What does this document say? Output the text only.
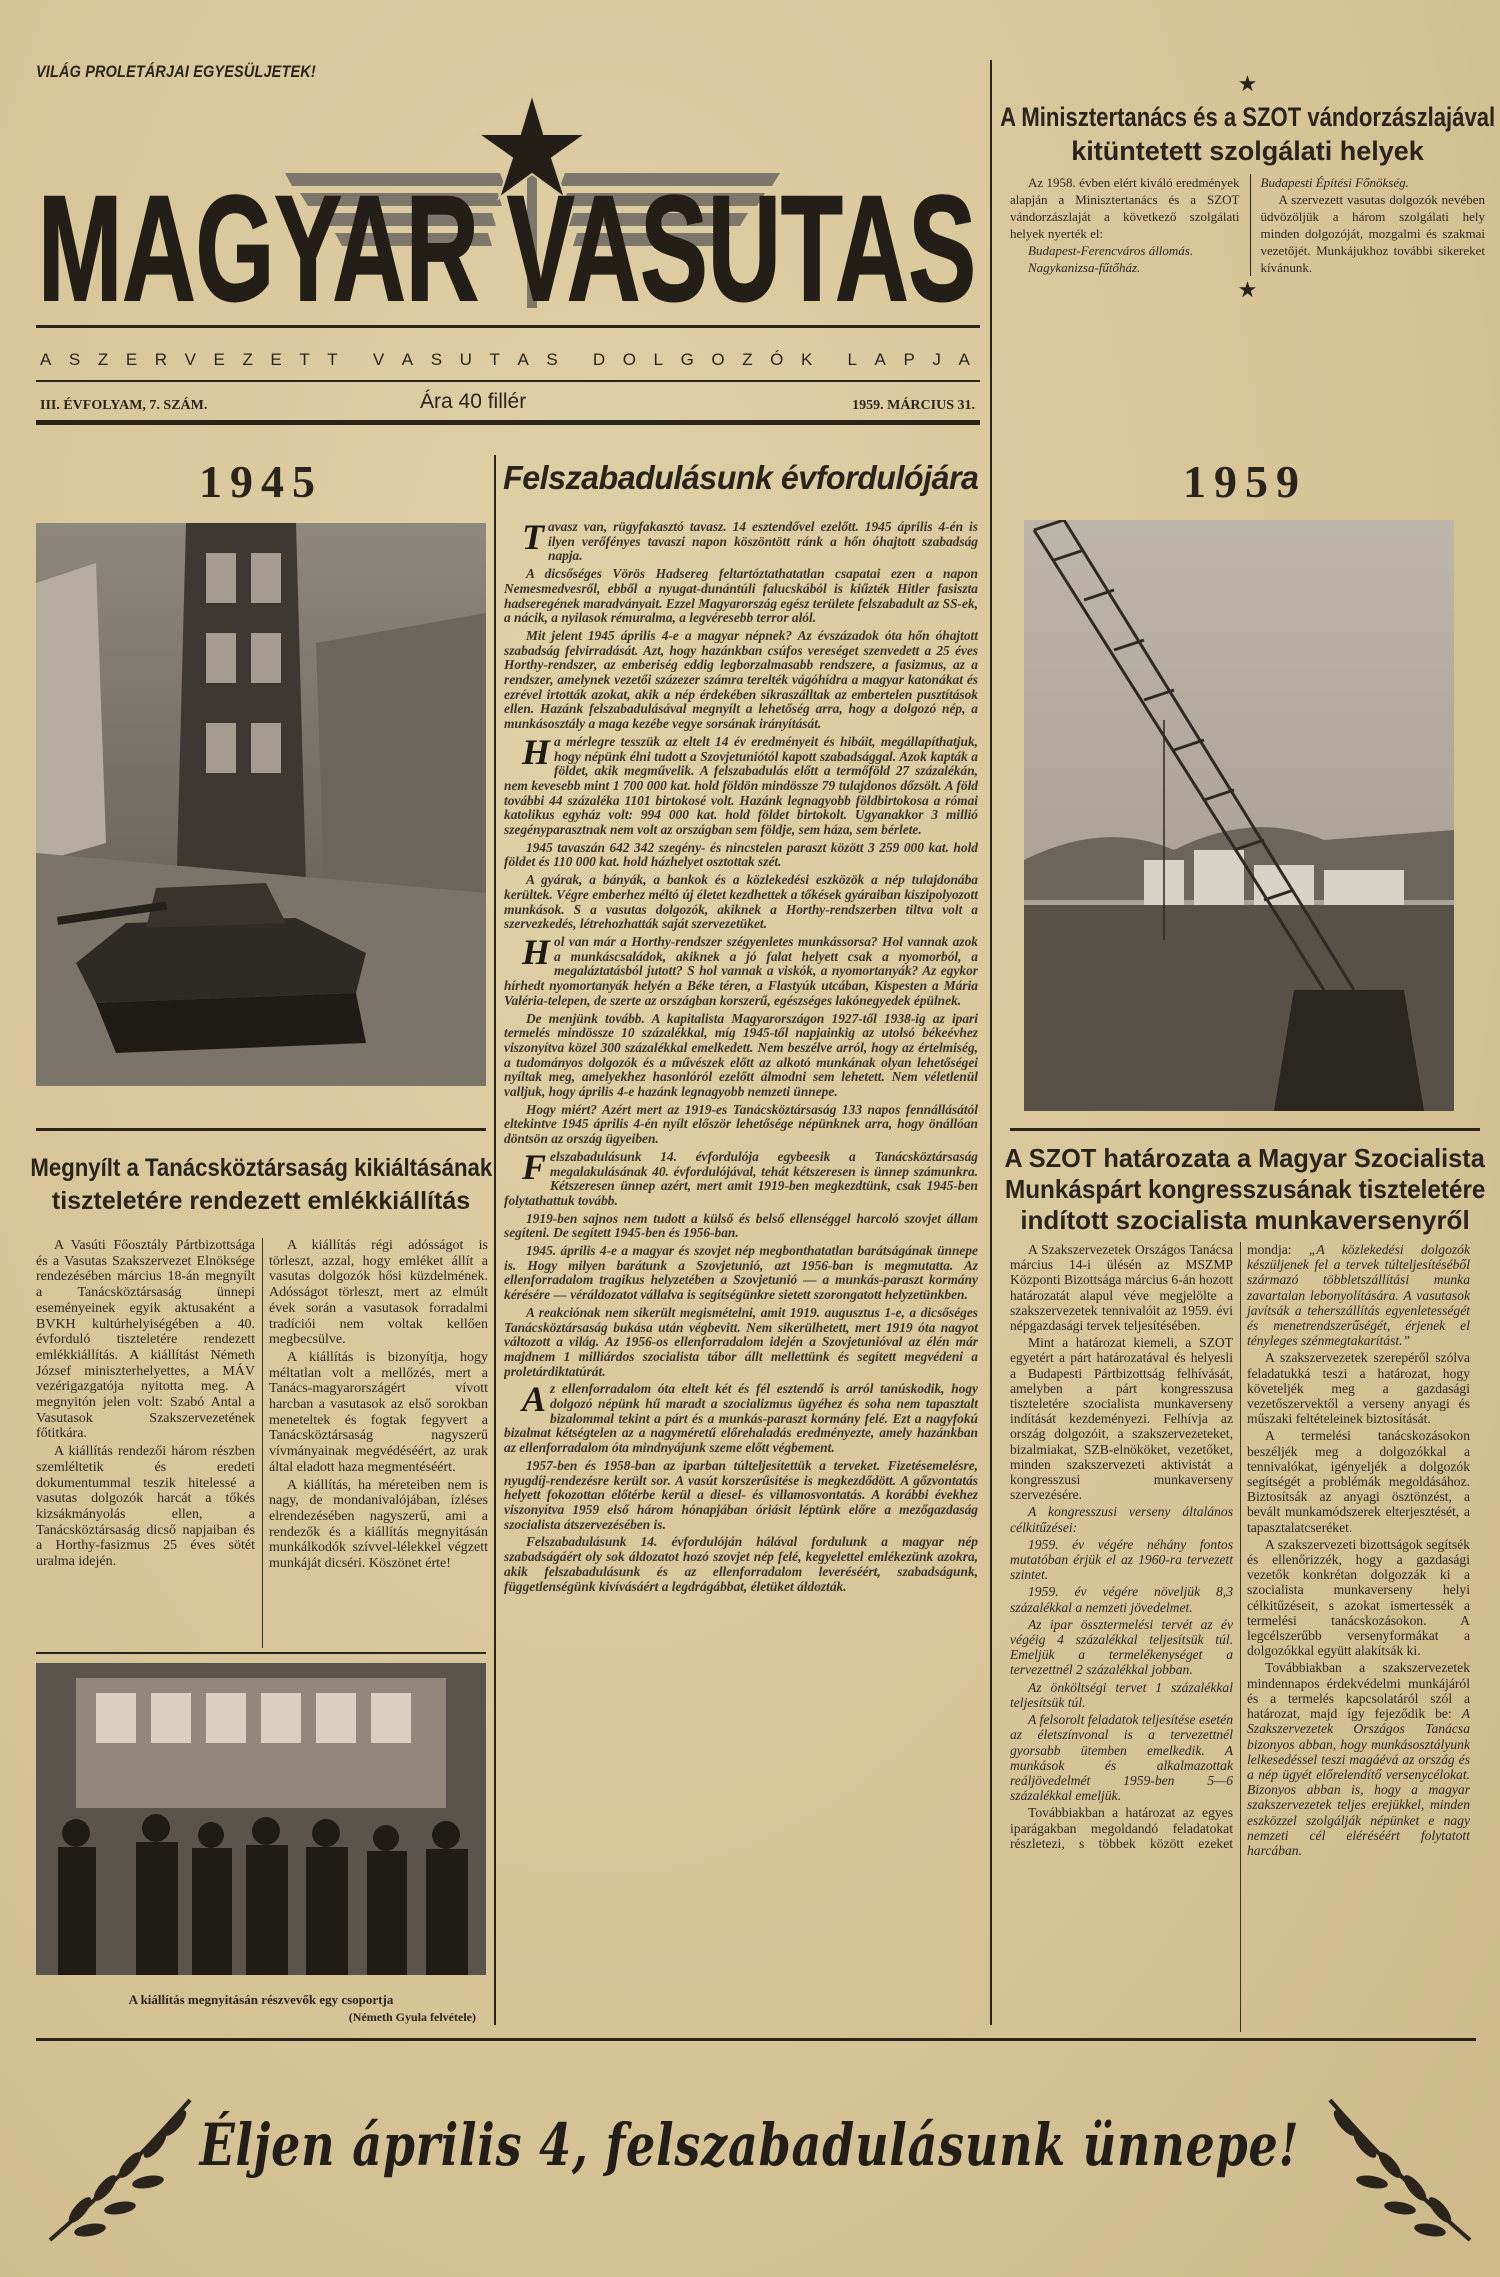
VILÁG PROLETÁRJAI EGYESÜLJETEK!
MAGYAR VASUTAS
A S Z E R V E Z E T T V A S U T A S D O L G O Z Ó K L A P J A
III. ÉVFOLYAM, 7. SZÁM.	Ára 40 fillér	1959. MÁRCIUS 31.
★
A Minisztertanács és a SZOT vándorzászlajával
kitüntetett szolgálati helyek

Az 1958. évben elért kiváló eredmények alapján a Minisztertanács és a SZOT vándorzászlaját a következő szolgálati helyek nyerték el:

Budapest-Ferencváros állomás.

Nagykanizsa-fűtőház.

Budapesti Építési Főnökség.

A szervezett vasutas dolgozók nevében üdvözöljük a három szolgálati hely minden dolgozóját, mozgalmi és szakmai vezetőjét. Munkájukhoz további sikereket kívánunk.

★
1945
Megnyílt a Tanácsköztársaság kikiáltásának
tiszteletére rendezett emlékkiállítás

A Vasúti Főosztály Pártbizottsága és a Vasutas Szakszervezet Elnöksége rendezésében március 18-án megnyílt a Tanácsköztársaság ünnepi eseményeinek egyik aktusaként a BVKH kultúrhelyiségében a 40. évforduló tiszteletére rendezett emlékkiállítás. A kiállítást Németh József miniszterhelyettes, a MÁV vezérigazgatója nyitotta meg. A megnyitón jelen volt: Szabó Antal a Vasutasok Szakszervezetének főtitkára.

A kiállítás rendezői három részben szemléltetik és eredeti dokumentummal teszik hitelessé a vasutas dolgozók harcát a tőkés kizsákmányolás ellen, a Tanácsköztársaság dicső napjaiban és a Horthy-fasizmus 25 éves sötét uralma idején.

A kiállítás régi adósságot is törleszt, azzal, hogy emléket állít a vasutas dolgozók hősi küzdelmének. Adósságot törleszt, mert az elmúlt évek során a vasutasok forradalmi tradíciói nem voltak kellően megbecsülve.

A kiállítás is bizonyítja, hogy méltatlan volt a mellőzés, mert a Tanács-magyarországért vívott harcban a vasutasok az első sorokban meneteltek és fogtak fegyvert a Tanácsköztársaság nagyszerű vívmányainak megvédéséért, az urak által eladott haza megmentéséért.

A kiállítás, ha méreteiben nem is nagy, de mondanivalójában, ízléses elrendezésében nagyszerű, ami a rendezők és a kiállítás megnyitásán munkálkodók szívvel-lélekkel végzett munkáját dicséri. Köszönet érte!

A kiállítás megnyitásán részvevők egy csoportja
(Németh Gyula felvétele)
Felszabadulásunk évfordulójára

Tavasz van, rügyfakasztó tavasz. 14 esztendővel ezelőtt. 1945 április 4-én is ilyen verőfényes tavaszi napon köszöntött ránk a hőn óhajtott szabadság napja.

A dicsőséges Vörös Hadsereg feltartóztathatatlan csapatai ezen a napon Nemesmedvesről, ebből a nyugat-dunántúli falucskából is kiűzték Hitler fasiszta hadseregének maradványait. Ezzel Magyarország egész területe felszabadult az SS-ek, a nácik, a nyilasok rémuralma, a legvéresebb terror alól.

Mit jelent 1945 április 4-e a magyar népnek? Az évszázadok óta hőn óhajtott szabadság felvirradását. Azt, hogy hazánkban csúfos vereséget szenvedett a 25 éves Horthy-rendszer, az emberiség eddig legborzalmasabb rendszere, a fasizmus, az a rendszer, amelynek vezetői százezer számra terelték vágóhídra a magyar katonákat és ezrével irtották azokat, akik a nép érdekében síkraszálltak az embertelen pusztítások ellen. Hazánk felszabadulásával megnyílt a lehetőség arra, hogy a dolgozó nép, a munkásosztály a maga kezébe vegye sorsának irányítását.

Ha mérlegre tesszük az eltelt 14 év eredményeit és hibáit, megállapíthatjuk, hogy népünk élni tudott a Szovjetuniótól kapott szabadsággal. Azok kapták a földet, akik megművelik. A felszabadulás előtt a termőföld 27 százalékán, nem kevesebb mint 1 700 000 kat. hold földön mindössze 79 tulajdonos dőzsölt. A föld további 44 százaléka 1101 birtokosé volt. Hazánk legnagyobb földbirtokosa a római katolikus egyház volt: 994 000 kat. hold földet birtokolt. Ugyanakkor 3 millió szegényparasztnak nem volt az országban sem földje, sem háza, sem bérlete.

1945 tavaszán 642 342 szegény- és nincstelen paraszt között 3 259 000 kat. hold földet és 110 000 kat. hold házhelyet osztottak szét.

A gyárak, a bányák, a bankok és a közlekedési eszközök a nép tulajdonába kerültek. Végre emberhez méltó új életet kezdhettek a tőkések gyáraiban kiszipolyozott munkások. S a vasutas dolgozók, akiknek a Horthy-rendszerben tiltva volt a szervezkedés, létrehozhatták saját szervezetüket.

Hol van már a Horthy-rendszer szégyenletes munkássorsa? Hol vannak azok a munkáscsaládok, akiknek a jó falat helyett csak a nyomorból, a megaláztatásból jutott? S hol vannak a viskók, a nyomortanyák? Az egykor hírhedt nyomortanyák helyén a Béke téren, a Flastyúk utcában, Kispesten a Mária Valéria-telepen, de szerte az országban korszerű, egészséges lakónegyedek épülnek.

De menjünk tovább. A kapitalista Magyarországon 1927-től 1938-ig az ipari termelés mindössze 10 százalékkal, míg 1945-től napjainkig az utolsó békeévhez viszonyítva közel 300 százalékkal emelkedett. Nem beszélve arról, hogy az értelmiség, a tudományos dolgozók és a művészek előtt az alkotó munkának olyan lehetőségei nyíltak meg, amelyekhez hasonlóról ezelőtt álmodni sem lehetett. Nem véletlenül valljuk, hogy április 4-e hazánk legnagyobb nemzeti ünnepe.

Hogy miért? Azért mert az 1919-es Tanácsköztársaság 133 napos fennállásától eltekintve 1945 április 4-én nyílt először lehetősége népünknek arra, hogy önállóan döntsön az ország ügyeiben.

Felszabadulásunk 14. évfordulója egybeesik a Tanácsköztársaság megalakulásának 40. évfordulójával, tehát kétszeresen is ünnep számunkra. Kétszeresen ünnep azért, mert amit 1919-ben megkezdtünk, csak 1945-ben folytathattuk tovább.

1919-ben sajnos nem tudott a külső és belső ellenséggel harcoló szovjet állam segíteni. De segített 1945-ben és 1956-ban.

1945. április 4-e a magyar és szovjet nép megbonthatatlan barátságának ünnepe is. Hogy milyen barátunk a Szovjetunió, azt 1956-ban is megmutatta. Az ellenforradalom tragikus helyzetében a Szovjetunió — a munkás-paraszt kormány kérésére — véráldozatot vállalva is segítségünkre sietett szorongatott helyzetünkben.

A reakciónak nem sikerült megismételni, amit 1919. augusztus 1-e, a dicsőséges Tanácsköztársaság bukása után végbevitt. Nem sikerülhetett, mert 1919 óta nagyot változott a világ. Az 1956-os ellenforradalom idején a Szovjetunióval az élén már majdnem 1 milliárdos szocialista tábor állt mellettünk és segített megvédeni a proletárdiktatúrát.

Az ellenforradalom óta eltelt két és fél esztendő is arról tanúskodik, hogy dolgozó népünk hű maradt a szocializmus ügyéhez és soha nem tapasztalt bizalommal tekint a párt és a munkás-paraszt kormány felé. Ezt a nagyfokú bizalmat kétségtelen az a nagyméretű előrehaladás eredményezte, amely hazánkban az ellenforradalom óta mindnyájunk szeme előtt végbement.

1957-ben és 1958-ban az iparban túlteljesítettük a terveket. Fizetésemelésre, nyugdíj-rendezésre került sor. A vasút korszerűsítése is megkezdődött. A gőzvontatás helyett fokozottan előtérbe kerül a diesel- és villamosvontatás. A korábbi évekhez viszonyítva 1959 első három hónapjában óriásit léptünk előre a mezőgazdaság szocialista átszervezésében is.

Felszabadulásunk 14. évfordulóján hálával fordulunk a magyar nép szabadságáért oly sok áldozatot hozó szovjet nép felé, kegyelettel emlékezünk azokra, akik felszabadulásunk és az ellenforradalom leveréséért, szabadságunk, függetlenségünk kivívásáért a legdrágábbat, életüket áldozták.

1959
A SZOT határozata a Magyar Szocialista
Munkáspárt kongresszusának tiszteletére
indított szocialista munkaversenyről

A Szakszervezetek Országos Tanácsa március 14-i ülésén az MSZMP Központi Bizottsága március 6-án hozott határozatát alapul véve megjelölte a szakszervezetek tennivalóit az 1959. évi népgazdasági tervek teljesítésében.

Mint a határozat kiemeli, a SZOT egyetért a párt határozatával és helyesli a Budapesti Pártbizottság felhívását, amelyben a párt kongresszusa tiszteletére szocialista munkaverseny indítását kezdeményezi. Felhívja az ország dolgozóit, a szakszervezeteket, bizalmiakat, SZB-elnököket, vezetőket, minden szakszervezeti aktivistát a kongresszusi munkaverseny szervezésére.

A kongresszusi verseny általános célkitűzései:

1959. év végére néhány fontos mutatóban érjük el az 1960-ra tervezett szintet.

1959. év végére növeljük 8,3 százalékkal a nemzeti jövedelmet.

Az ipar össztermelési tervét az év végéig 4 százalékkal teljesítsük túl. Emeljük a termelékenységet a tervezettnél 2 százalékkal jobban.

Az önköltségi tervet 1 százalékkal teljesítsük túl.

A felsorolt feladatok teljesítése esetén az életszínvonal is a tervezettnél gyorsabb ütemben emelkedik. A munkások és alkalmazottak reáljövedelmét 1959-ben 5—6 százalékkal emeljük.

Továbbiakban a határozat az egyes iparágakban megoldandó feladatokat részletezi, s többek között ezeket mondja: „A közlekedési dolgozók készüljenek fel a tervek túlteljesítéséből származó többletszállítási munka zavartalan lebonyolítására. A vasutasok javítsák a teherszállítás egyenletességét és menetrendszerűségét, érjenek el tényleges szénmegtakarítást.”

A szakszervezetek szerepéről szólva feladatukká teszi a határozat, hogy követeljék meg a gazdasági vezetőszervektől a verseny anyagi és műszaki feltételeinek biztosítását.

A termelési tanácskozásokon beszéljék meg a dolgozókkal a tennivalókat, igényeljék a dolgozók segítségét a problémák megoldásához. Biztosítsák az anyagi ösztönzést, a bevált munkamódszerek elterjesztését, a tapasztalatcseréket.

A szakszervezeti bizottságok segítsék és ellenőrizzék, hogy a gazdasági vezetők konkrétan dolgozzák ki a szocialista munkaverseny helyi célkitűzéseit, s azokat ismertessék a termelési tanácskozásokon. A legcélszerűbb versenyformákat a dolgozókkal együtt alakítsák ki.

Továbbiakban a szakszervezetek mindennapos érdekvédelmi munkájáról és a termelés kapcsolatáról szól a határozat, majd így fejeződik be: A Szakszervezetek Országos Tanácsa bizonyos abban, hogy munkásosztályunk lelkesedéssel teszi magáévá az ország és a nép ügyét előrelendítő versenycélokat. Bizonyos abban is, hogy a magyar szakszervezetek teljes erejükkel, minden eszközzel szolgálják népünket e nagy nemzeti cél eléréséért folytatott harcában.

Éljen április 4, felszabadulásunk ünnepe!
